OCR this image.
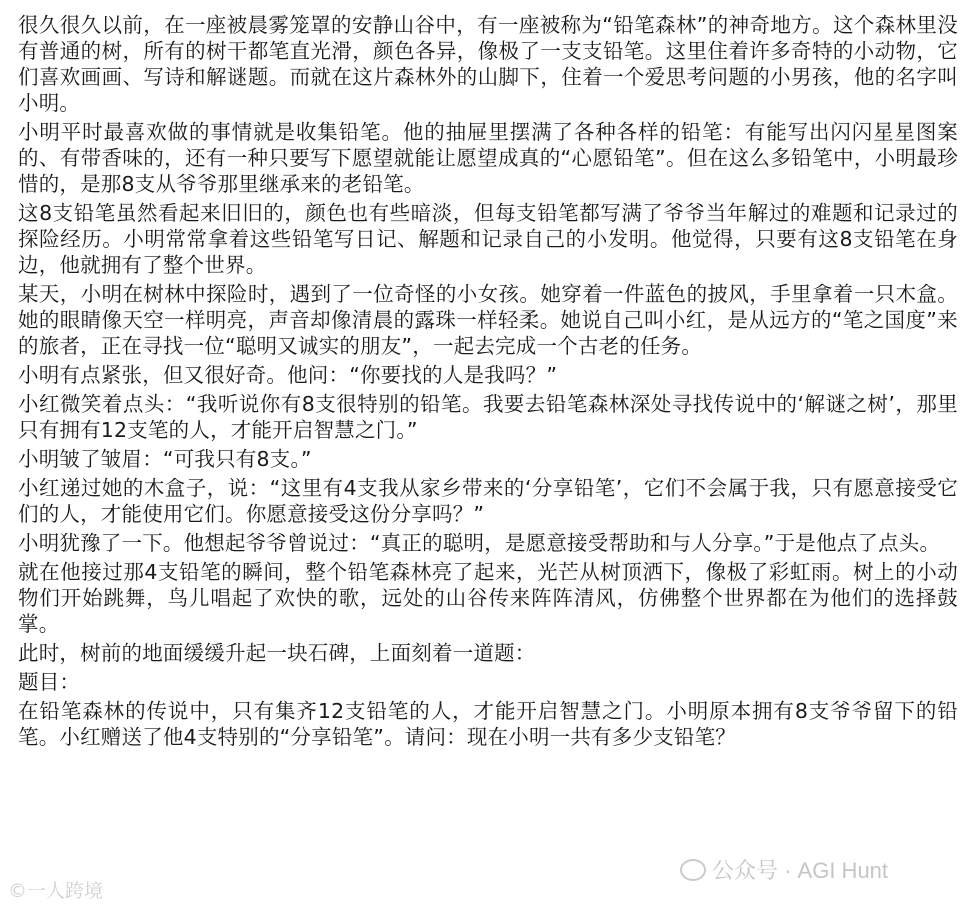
很久很久以前，在一座被晨雾笼罩的安静山谷中，有一座被称为“铅笔森林”的神奇地方。这个森林里没有普通的树，所有的树干都笔直光滑，颜色各异，像极了一支支铅笔。这里住着许多奇特的小动物，它们喜欢画画、写诗和解谜题。而就在这片森林外的山脚下，住着一个爱思考问题的小男孩，他的名字叫小明。

小明平时最喜欢做的事情就是收集铅笔。他的抽屉里摆满了各种各样的铅笔：有能写出闪闪星星图案的、有带香味的，还有一种只要写下愿望就能让愿望成真的“心愿铅笔”。但在这么多铅笔中，小明最珍惜的，是那8支从爷爷那里继承来的老铅笔。

这8支铅笔虽然看起来旧旧的，颜色也有些暗淡，但每支铅笔都写满了爷爷当年解过的难题和记录过的探险经历。小明常常拿着这些铅笔写日记、解题和记录自己的小发明。他觉得，只要有这8支铅笔在身边，他就拥有了整个世界。

某天，小明在树林中探险时，遇到了一位奇怪的小女孩。她穿着一件蓝色的披风，手里拿着一只木盒。她的眼睛像天空一样明亮，声音却像清晨的露珠一样轻柔。她说自己叫小红，是从远方的“笔之国度”来的旅者，正在寻找一位“聪明又诚实的朋友”，一起去完成一个古老的任务。

小明有点紧张，但又很好奇。他问：“你要找的人是我吗？”

小红微笑着点头：“我听说你有8支很特别的铅笔。我要去铅笔森林深处寻找传说中的‘解谜之树’，那里只有拥有12支笔的人，才能开启智慧之门。”

小明皱了皱眉：“可我只有8支。”

小红递过她的木盒子，说：“这里有4支我从家乡带来的‘分享铅笔’，它们不会属于我，只有愿意接受它们的人，才能使用它们。你愿意接受这份分享吗？”

小明犹豫了一下。他想起爷爷曾说过：“真正的聪明，是愿意接受帮助和与人分享。”于是他点了点头。

就在他接过那4支铅笔的瞬间，整个铅笔森林亮了起来，光芒从树顶洒下，像极了彩虹雨。树上的小动物们开始跳舞，鸟儿唱起了欢快的歌，远处的山谷传来阵阵清风，仿佛整个世界都在为他们的选择鼓掌。

此时，树前的地面缓缓升起一块石碑，上面刻着一道题：

题目：

在铅笔森林的传说中，只有集齐12支铅笔的人，才能开启智慧之门。小明原本拥有8支爷爷留下的铅笔。小红赠送了他4支特别的“分享铅笔”。请问：现在小明一共有多少支铅笔？

©一人跨境
公众号 · AGI Hunt
